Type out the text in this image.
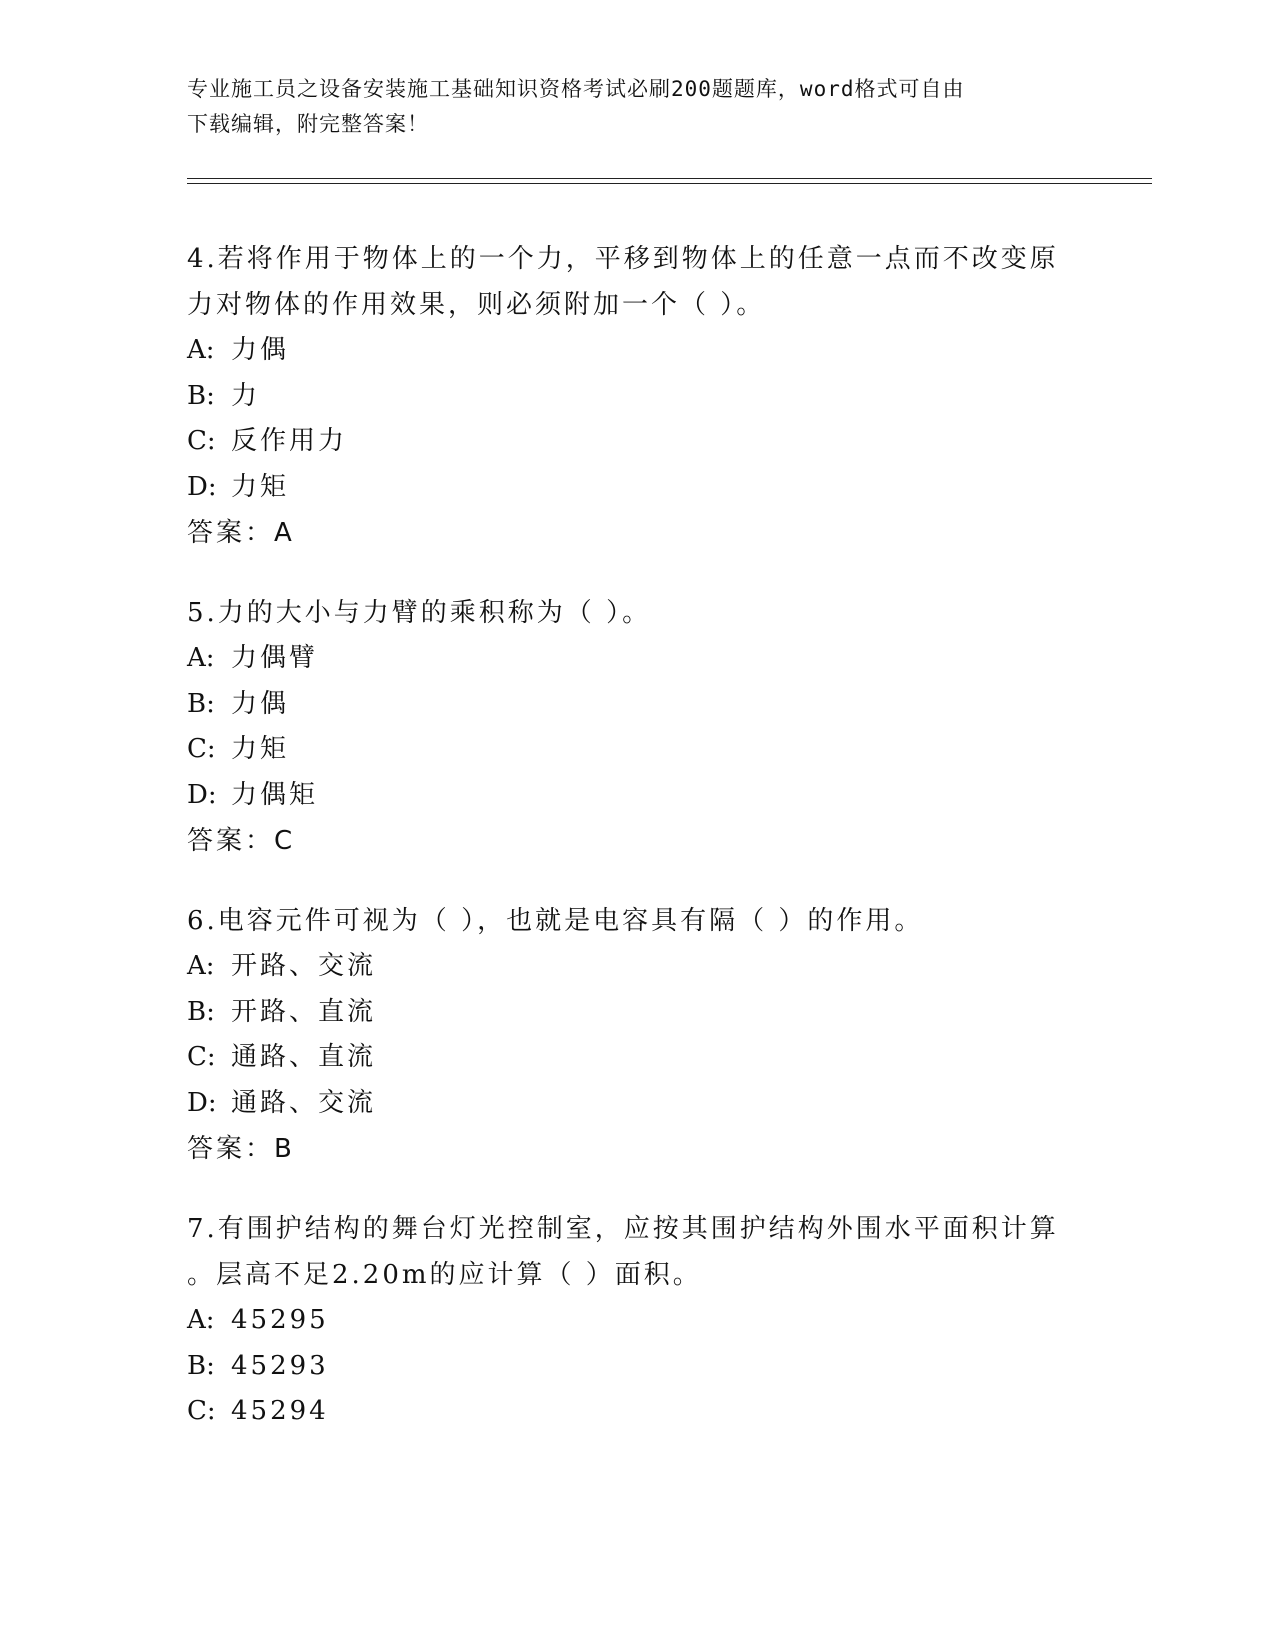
专业施工员之设备安装施工基础知识资格考试必刷200题题库，word格式可自由
下载编辑，附完整答案！
4.若将作用于物体上的一个力，平移到物体上的任意一点而不改变原
力对物体的作用效果，则必须附加一个（ ）。
A: 力偶
B: 力
C: 反作用力
D: 力矩
答案：A
5.力的大小与力臂的乘积称为（ ）。
A: 力偶臂
B: 力偶
C: 力矩
D: 力偶矩
答案：C
6.电容元件可视为（ ），也就是电容具有隔（ ）的作用。
A: 开路、交流
B: 开路、直流
C: 通路、直流
D: 通路、交流
答案：B
7.有围护结构的舞台灯光控制室，应按其围护结构外围水平面积计算
。层高不足2.20m的应计算（ ）面积。
A: 45295
B: 45293
C: 45294
